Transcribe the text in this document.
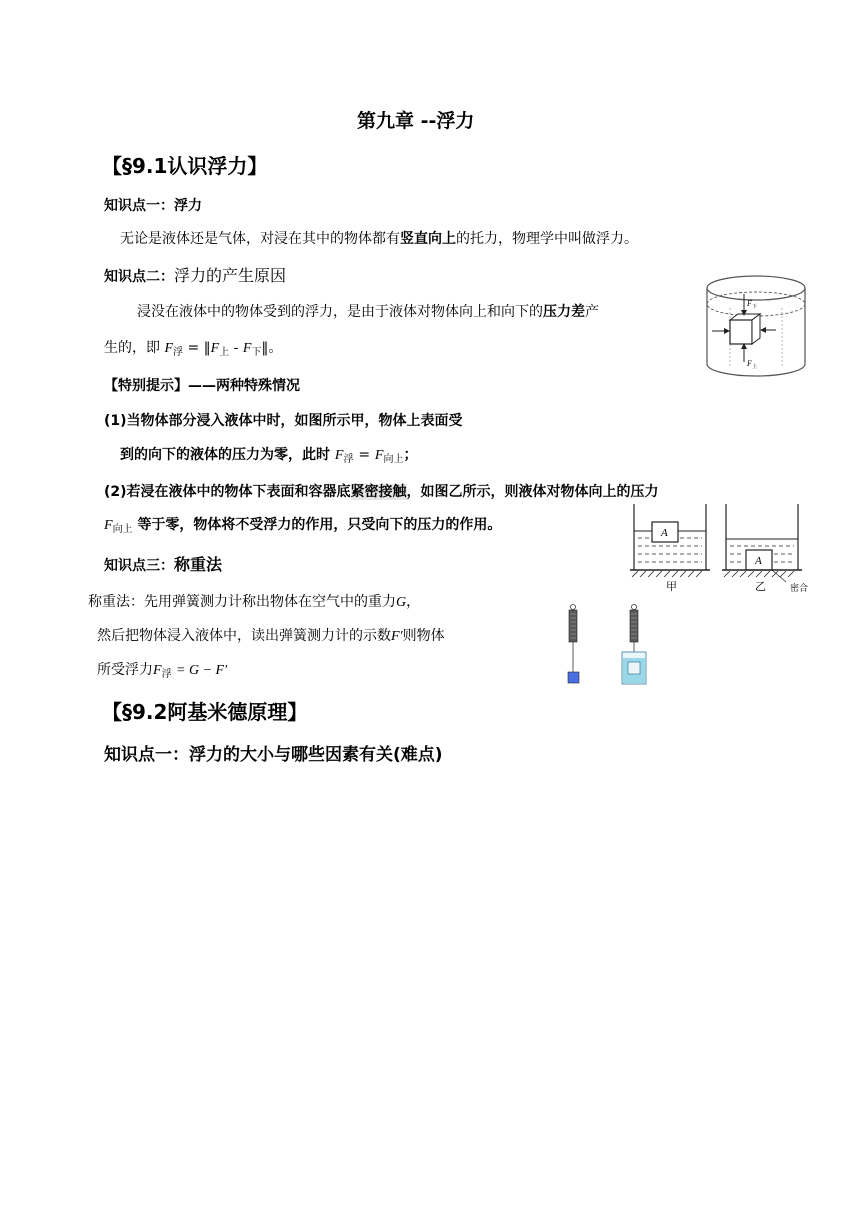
第九章 --浮力
【§9.1认识浮力】
知识点一：浮力
无论是液体还是气体，对浸在其中的物体都有竖直向上的托力，物理学中叫做浮力。
知识点二：浮力的产生原因
浸没在液体中的物体受到的浮力，是由于液体对物体向上和向下的压力差产
生的，即 $F_浮$ = $‖F_上$ - $F_下‖$。
F 下
F 上
【特别提示】——两种特殊情况
(1)当物体部分浸入液体中时，如图所示甲，物体上表面受
到的向下的液体的压力为零，此时 $F_浮 = F_{向上}$；
(2)若浸在液体中的物体下表面和容器底紧密接触，如图乙所示，则液体对物体向上的压力
$F_{向上}$ 等于零，物体将不受浮力的作用，只受向下的压力的作用。	A
甲
A
乙	密合
知识点三：称重法
称重法：先用弹簧测力计称出物体在空气中的重力G，
然后把物体浸入液体中，读出弹簧测力计的示数F′则物体
所受浮力$F_浮 = G - F'$
【§9.2阿基米德原理】
知识点一：浮力的大小与哪些因素有关(难点)
